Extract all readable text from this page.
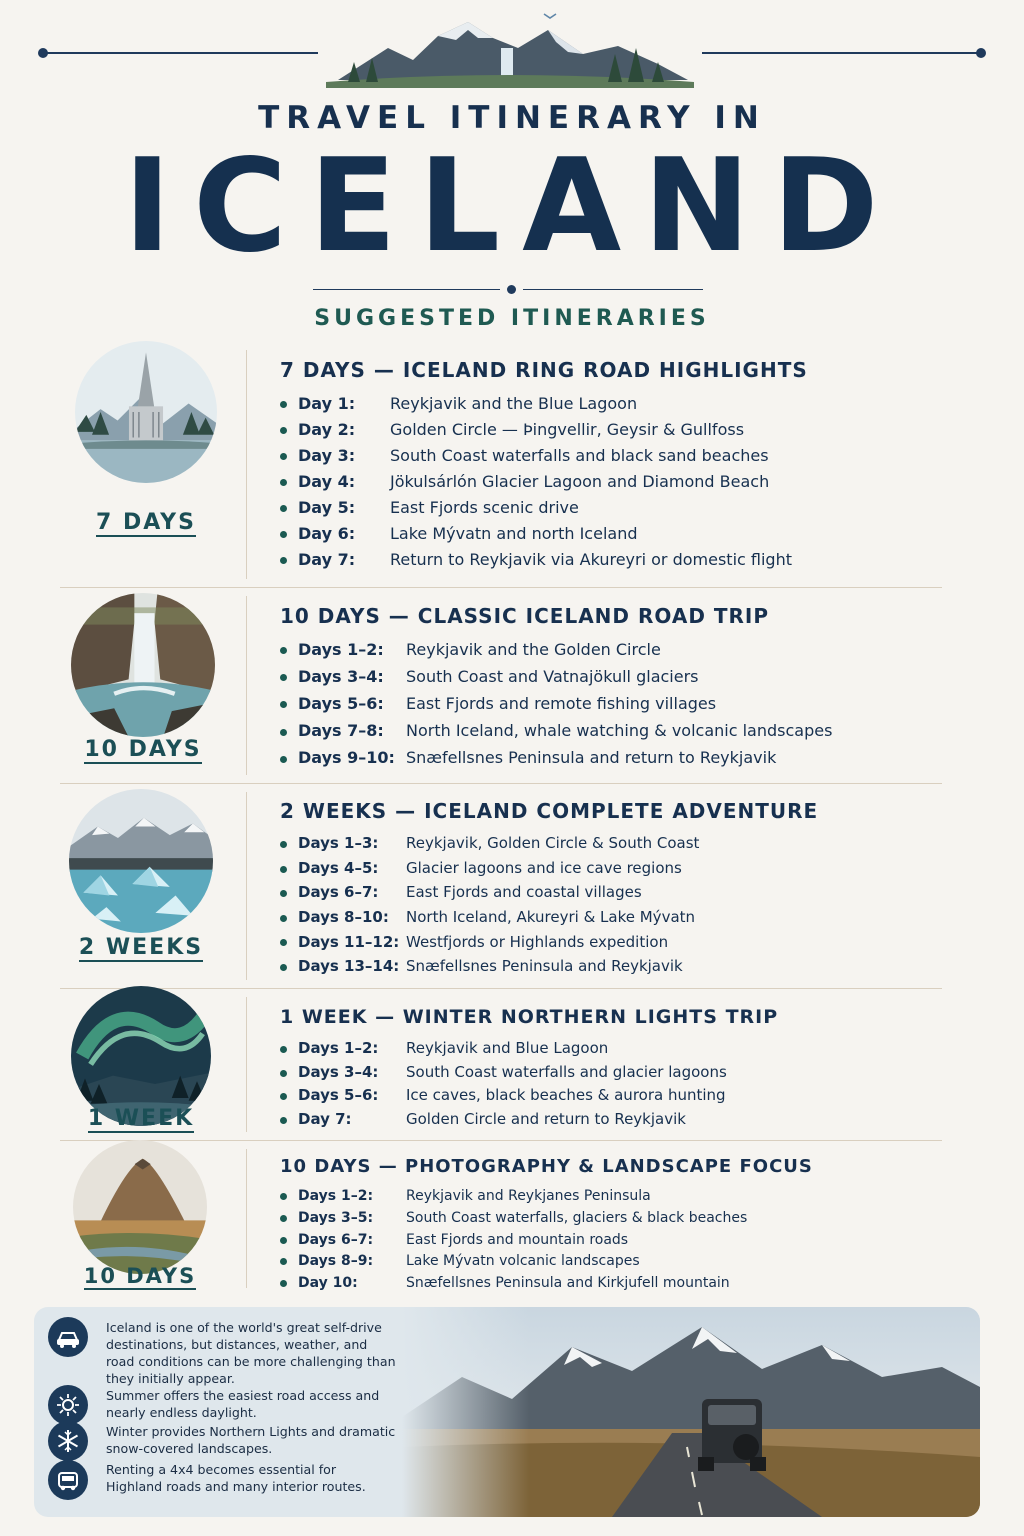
TRAVEL ITINERARY IN
ICELAND
SUGGESTED ITINERARIES
7 DAYS
7 DAYS — ICELAND RING ROAD HIGHLIGHTS
Day 1: Reykjavik and the Blue Lagoon
Day 2: Golden Circle — Þingvellir, Geysir & Gullfoss
Day 3: South Coast waterfalls and black sand beaches
Day 4: Jökulsárlón Glacier Lagoon and Diamond Beach
Day 5: East Fjords scenic drive
Day 6: Lake Mývatn and north Iceland
Day 7: Return to Reykjavik via Akureyri or domestic flight
10 DAYS
10 DAYS — CLASSIC ICELAND ROAD TRIP
Days 1–2: Reykjavik and the Golden Circle
Days 3–4: South Coast and Vatnajökull glaciers
Days 5–6: East Fjords and remote fishing villages
Days 7–8: North Iceland, whale watching & volcanic landscapes
Days 9–10: Snæfellsnes Peninsula and return to Reykjavik
2 WEEKS
2 WEEKS — ICELAND COMPLETE ADVENTURE
Days 1–3: Reykjavik, Golden Circle & South Coast
Days 4–5: Glacier lagoons and ice cave regions
Days 6–7: East Fjords and coastal villages
Days 8–10: North Iceland, Akureyri & Lake Mývatn
Days 11–12: Westfjords or Highlands expedition
Days 13–14: Snæfellsnes Peninsula and Reykjavik
1 WEEK
1 WEEK — WINTER NORTHERN LIGHTS TRIP
Days 1–2: Reykjavik and Blue Lagoon
Days 3–4: South Coast waterfalls and glacier lagoons
Days 5–6: Ice caves, black beaches & aurora hunting
Day 7:	Golden Circle and return to Reykjavik
10 DAYS
10 DAYS — PHOTOGRAPHY & LANDSCAPE FOCUS
Days 1–2: Reykjavik and Reykjanes Peninsula
Days 3–5: South Coast waterfalls, glaciers & black beaches
Days 6–7: East Fjords and mountain roads
Days 8–9: Lake Mývatn volcanic landscapes
Day 10:	Snæfellsnes Peninsula and Kirkjufell mountain
Iceland is one of the world's great self-drive destinations, but distances, weather, and road conditions can be more challenging than they initially appear.
Summer offers the easiest road access and nearly endless daylight.
Winter provides Northern Lights and dramatic snow-covered landscapes.
Renting a 4x4 becomes essential for Highland roads and many interior routes.
